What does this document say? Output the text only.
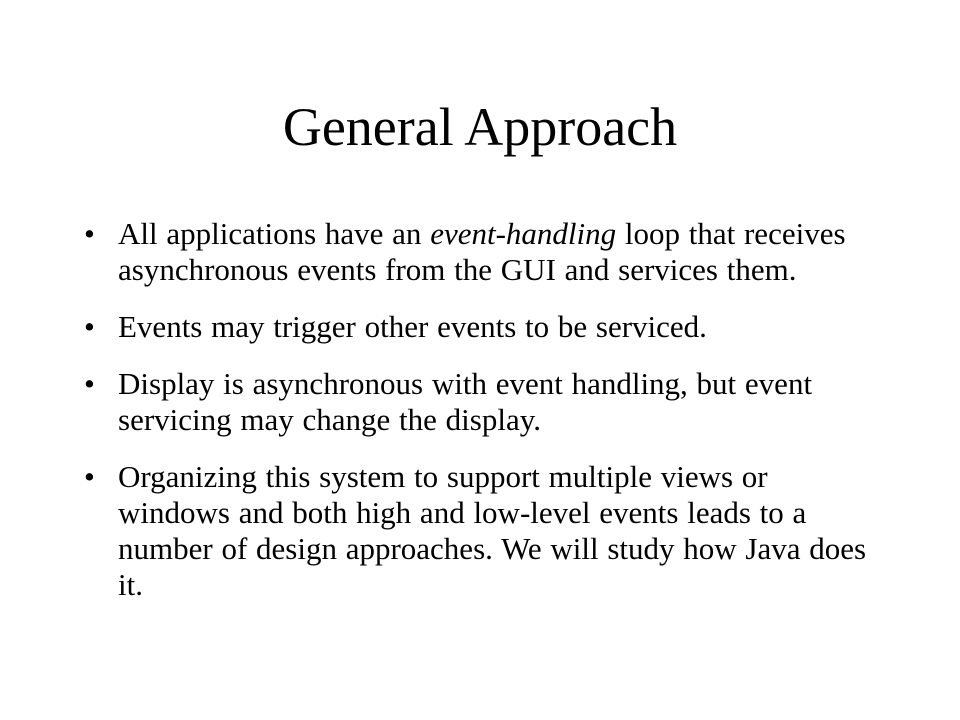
General Approach
• All applications have an event-handling loop that receives asynchronous events from the GUI and services them.
• Events may trigger other events to be serviced.
• Display is asynchronous with event handling, but event servicing may change the display.
• Organizing this system to support multiple views or windows and both high and low-level events leads to a number of design approaches. We will study how Java does it.
